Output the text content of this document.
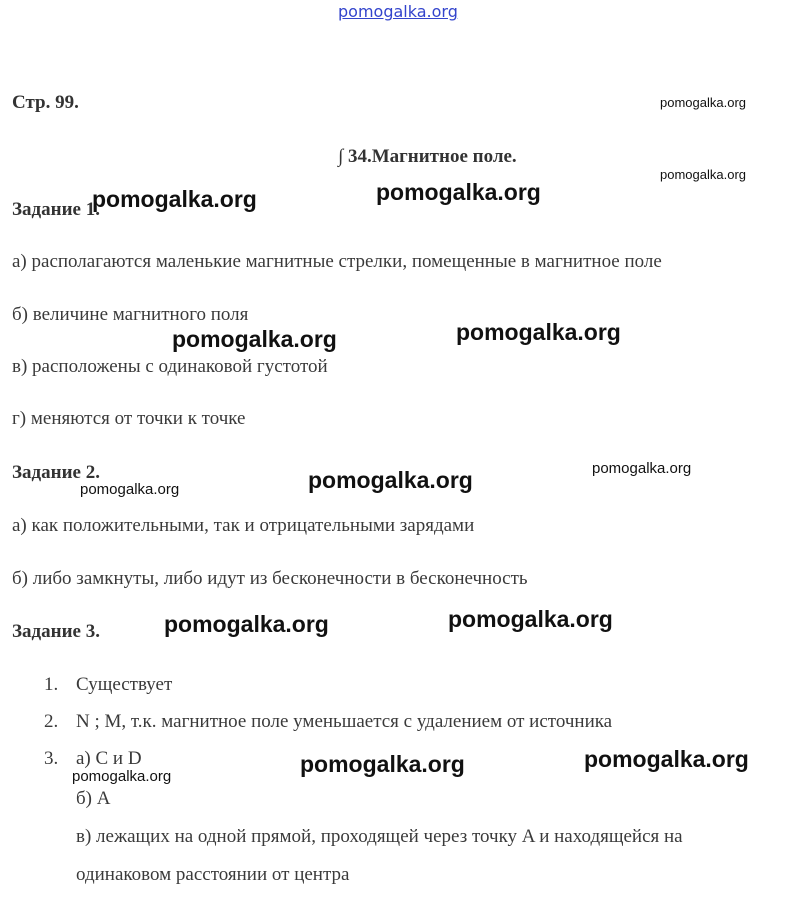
pomogalka.org
Стр. 99.
∫ 34.Магнитное поле.
Задание 1.
а) располагаются маленькие магнитные стрелки, помещенные в магнитное поле
б) величине магнитного поля
в) расположены с одинаковой густотой
г) меняются от точки к точке
Задание 2.
а) как положительными, так и отрицательными зарядами
б) либо замкнуты, либо идут из бесконечности в бесконечность
Задание 3.
1. Существует
2. N ; M, т.к. магнитное поле уменьшается с удалением от источника
3. а) C и D
б) A
в) лежащих на одной прямой, проходящей через точку A и находящейся на
одинаковом расстоянии от центра
pomogalka.org
pomogalka.org
pomogalka.org	pomogalka.org
pomogalka.org	pomogalka.org
pomogalka.org
pomogalka.org	pomogalka.org
pomogalka.org	pomogalka.org
pomogalka.org	pomogalka.org	pomogalka.org
